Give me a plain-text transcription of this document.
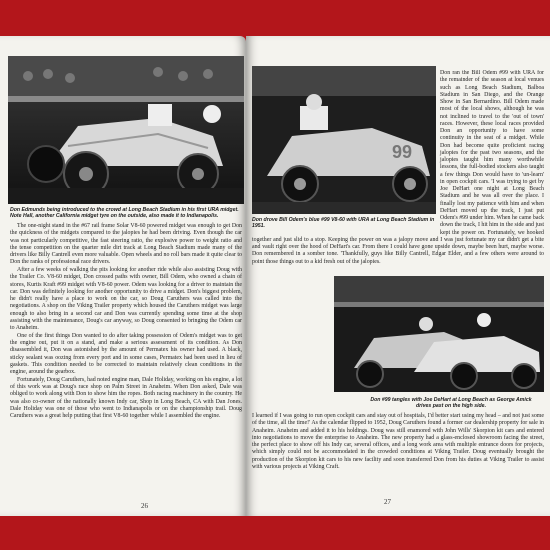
Don Edmunds being introduced to the crowd at Long Beach Stadium in his first URA midget. Note Hall, another California midget tyre on the outside, also made it to Indianapolis.

The one-night stand in the #67 rail frame Solar V8-60 powered midget was enough to get Don the quickness of the midgets compared to the jalopies he had been driving. Even though the car was not particularly competitive, the fast steering ratio, the explosive power to weight ratio and the tense competition on the quarter mile dirt track at Long Beach Stadium made many of the drivers like Billy Cantrell even more valuable. Open wheels and no roll bars made it quite clear to Don the ranks of professional race drivers.

After a few weeks of walking the pits looking for another ride while also assisting Doug with the Trailer Co. V8-60 midget, Don crossed paths with owner, Bill Odem, who owned a chain of stores, Kurtis Kraft #99 midget with V8-60 power. Odem was looking for a driver to maintain the car. Don was definitely looking for another opportunity to drive a midget. Don's biggest problem, he didn't really have a place to work on the car, so Doug Caruthers was called into the negotiations. A shop on the Viking Trailer property which housed the Caruthers midget was large enough to also bring in a second car and Don was currently spending some time at the shop assisting with the maintenance, Doug's car anyway, so Doug consented to bringing the Odem car to Anaheim.

One of the first things Don wanted to do after taking possession of Odem's midget was to get the engine out, put it on a stand, and make a serious assessment of its condition. As Don disassembled it, Don was astonished by the amount of Permatex his owner had used. A black, sticky sealant was oozing from every port and in some cases, Permatex had been used in lieu of gaskets. This condition needed to be corrected to maintain relatively clean conditions in the engine, around the gearbox.

Fortunately, Doug Caruthers, had noted engine man, Dale Holiday, working on his engine, a lot of this work was at Doug's race shop on Palm Street in Anaheim. When Don asked, Dale was obliged to work along with Don to show him the ropes. Both racing machinery in the country. He was also co-owner of the nationally known Indy car, Shop in Long Beach, CA with Dan Jones. Dale Holiday was one of those who went to Indianapolis or on the championship trail. Doug Caruthers was a great help putting that first V8-60 together while I assembled the engine.

26
99
Don drove Bill Odem's blue #99 V8-60 with URA at Long Beach Stadium in 1951.
Don ran the Bill Odem #99 with URA for the remainder of the season at local venues such as Long Beach Stadium, Balboa Stadium in San Diego, and the Orange Show in San Bernardino. Bill Odem made most of the local shows, although he was not inclined to travel to the 'out of town' races. However, these local races provided Don an opportunity to have some continuity in the seat of a midget. While Don had become quite proficient racing jalopies for the past two seasons, and the jalopies taught him many worthwhile lessons, the full-bodied stockers also taught a few things Don would have to 'un-learn' in open cockpit cars. 'I was trying to get by Joe DeHart one night at Long Beach Stadium and he was all over the place. I finally lost my patience with him and when DeHart moved up the track, I just put Odem's #99 under him. When he came back down the track, I hit him in the side and just kept the power on. Fortunately, we hooked together and just slid to a stop. Keeping the power on was a jalopy move and I was just fortunate my car didn't get a bite and vault right over the hood of DeHart's car. From there I could have gone upside down, maybe been hurt, maybe worse. Don remembered in a somber tone. 'Thankfully, guys like Billy Cantrell, Edgar Elder, and a few others were around to point those things out to a kid fresh out of the jalopies.
Don #99 tangles with Joe DeHart at Long Beach as George Amick drives past on the high side.
I learned if I was going to run open cockpit cars and stay out of hospitals, I'd better start using my head – and not just some of the time, all the time!' As the calendar flipped to 1952, Doug Caruthers found a former car dealership property for sale in Anaheim. Anaheim and added it to his holdings. Doug was still enamored with John Wills' Skorpion kit cars and entered into negotiations to move the enterprise to Anaheim. The new property had a glass-enclosed showroom facing the street, the perfect place to show off his Indy car, several offices, and a long work area with multiple entrance doors for projects, which simply could not be accommodated in the crowded conditions at Viking Trailer. Doug eventually brought the production of the Skorpion kit cars to his new facility and soon transferred Don from his duties at Viking Trailer to assist with various projects at Viking Craft.
27
